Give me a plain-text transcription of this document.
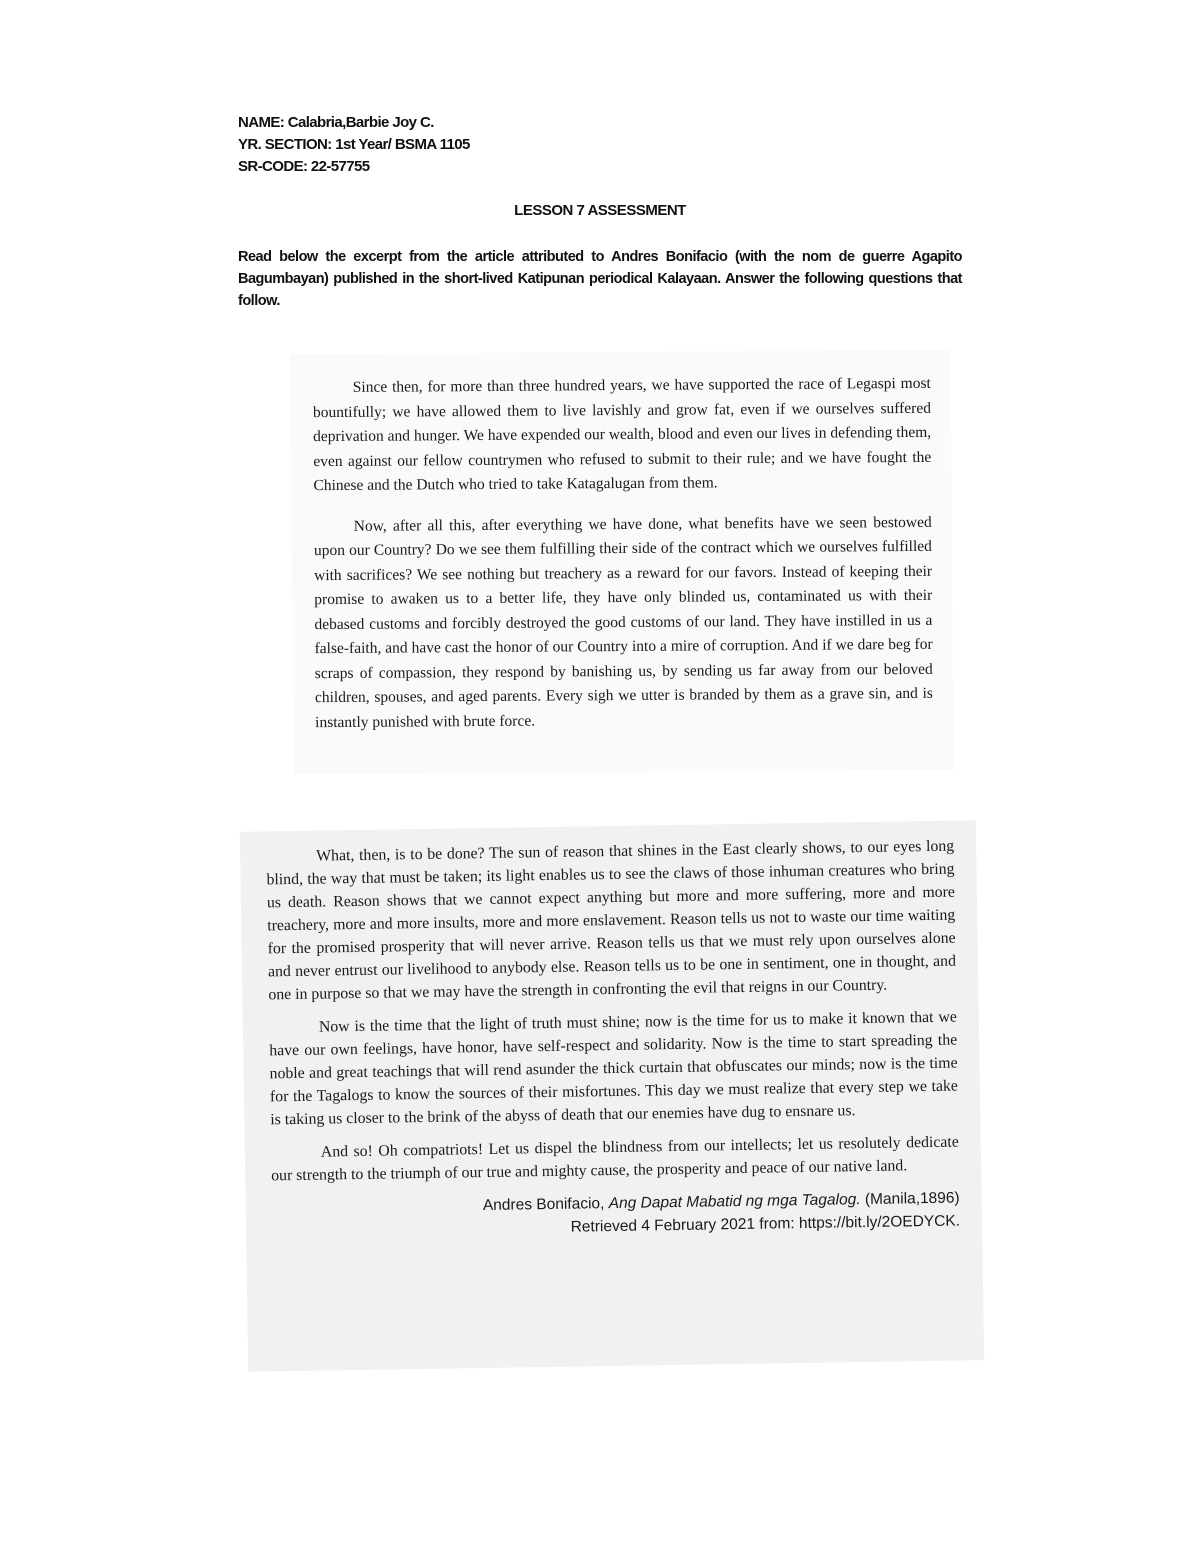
NAME: Calabria,Barbie Joy C.
YR. SECTION: 1st Year/ BSMA 1105
SR-CODE: 22-57755
LESSON 7 ASSESSMENT
Read below the excerpt from the article attributed to Andres Bonifacio (with the nom de guerre Agapito Bagumbayan) published in the short-lived Katipunan periodical Kalayaan. Answer the following questions that follow.

Since then, for more than three hundred years, we have supported the race of Legaspi most bountifully; we have allowed them to live lavishly and grow fat, even if we ourselves suffered deprivation and hunger. We have expended our wealth, blood and even our lives in defending them, even against our fellow countrymen who refused to submit to their rule; and we have fought the Chinese and the Dutch who tried to take Katagalugan from them.

Now, after all this, after everything we have done, what benefits have we seen bestowed upon our Country? Do we see them fulfilling their side of the contract which we ourselves fulfilled with sacrifices? We see nothing but treachery as a reward for our favors. Instead of keeping their promise to awaken us to a better life, they have only blinded us, contaminated us with their debased customs and forcibly destroyed the good customs of our land. They have instilled in us a false-faith, and have cast the honor of our Country into a mire of corruption. And if we dare beg for scraps of compassion, they respond by banishing us, by sending us far away from our beloved children, spouses, and aged parents. Every sigh we utter is branded by them as a grave sin, and is instantly punished with brute force.

What, then, is to be done? The sun of reason that shines in the East clearly shows, to our eyes long blind, the way that must be taken; its light enables us to see the claws of those inhuman creatures who bring us death. Reason shows that we cannot expect anything but more and more suffering, more and more treachery, more and more insults, more and more enslavement. Reason tells us not to waste our time waiting for the promised prosperity that will never arrive. Reason tells us that we must rely upon ourselves alone and never entrust our livelihood to anybody else. Reason tells us to be one in sentiment, one in thought, and one in purpose so that we may have the strength in confronting the evil that reigns in our Country.

Now is the time that the light of truth must shine; now is the time for us to make it known that we have our own feelings, have honor, have self-respect and solidarity. Now is the time to start spreading the noble and great teachings that will rend asunder the thick curtain that obfuscates our minds; now is the time for the Tagalogs to know the sources of their misfortunes. This day we must realize that every step we take is taking us closer to the brink of the abyss of death that our enemies have dug to ensnare us.

And so! Oh compatriots! Let us dispel the blindness from our intellects; let us resolutely dedicate our strength to the triumph of our true and mighty cause, the prosperity and peace of our native land.

Andres Bonifacio, Ang Dapat Mabatid ng mga Tagalog. (Manila,1896)
Retrieved 4 February 2021 from: https://bit.ly/2OEDYCK.
